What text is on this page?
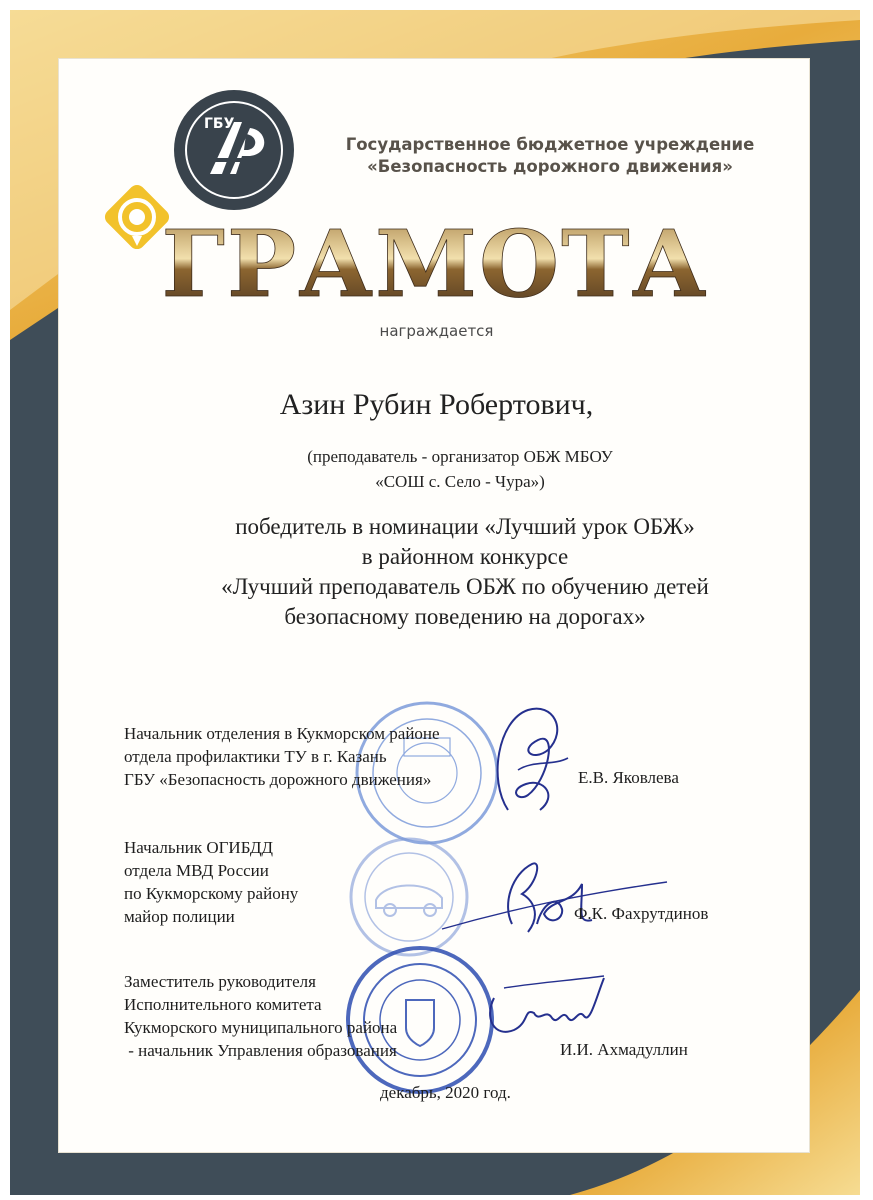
ГБУ
Государственное бюджетное учреждение
«Безопасность дорожного движения»
ГРАМОТА
награждается
Азин Рубин Робертович,
(преподаватель - организатор ОБЖ МБОУ
«СОШ с. Село - Чура»)
победитель в номинации «Лучший урок ОБЖ»
в районном конкурсе
«Лучший преподаватель ОБЖ по обучению детей
безопасному поведению на дорогах»
Начальник отделения в Кукморском районе
отдела профилактики ТУ в г. Казань
ГБУ «Безопасность дорожного движения»	Е.В. Яковлева
Начальник ОГИБДД
отдела МВД России
по Кукморскому району
майор полиции	Ф.К. Фахрутдинов
Заместитель руководителя
Исполнительного комитета
Кукморского муниципального района
- начальник Управления образования	И.И. Ахмадуллин
декабрь, 2020 год.
